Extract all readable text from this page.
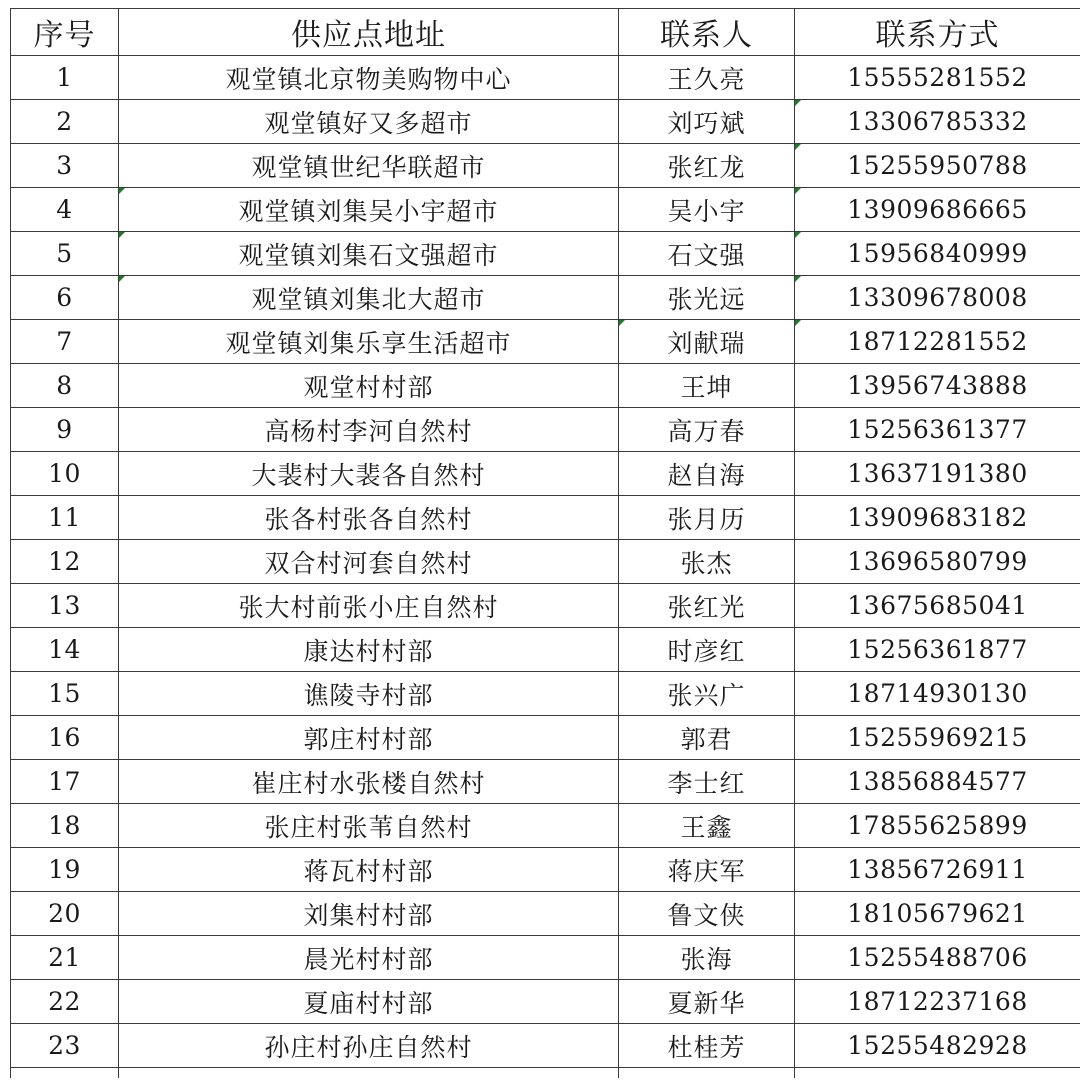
序号	供应点地址	联系人	联系方式
1	观堂镇北京物美购物中心	王久亮	15555281552
2	观堂镇好又多超市	刘巧斌	13306785332

3	观堂镇世纪华联超市	张红龙	15255950788

4	观堂镇刘集吴小宇超市	吴小宇	13909686665

5	观堂镇刘集石文强超市	石文强	15956840999

6	观堂镇刘集北大超市	张光远	13309678008

7	观堂镇刘集乐享生活超市	刘献瑞	18712281552

8	观堂村村部	王坤	13956743888
9	高杨村李河自然村	高万春	15256361377
10	大裴村大裴各自然村	赵自海	13637191380
11	张各村张各自然村	张月历	13909683182
12	双合村河套自然村	张杰	13696580799
13	张大村前张小庄自然村	张红光	13675685041
14	康达村村部	时彦红	15256361877
15	谯陵寺村部	张兴广	18714930130
16	郭庄村村部	郭君	15255969215
17	崔庄村水张楼自然村	李士红	13856884577
18	张庄村张苇自然村	王鑫	17855625899
19	蒋瓦村村部	蒋庆军	13856726911
20	刘集村村部	鲁文侠	18105679621
21	晨光村村部	张海	15255488706
22	夏庙村村部	夏新华	18712237168
23	孙庄村孙庄自然村	杜桂芳	15255482928
